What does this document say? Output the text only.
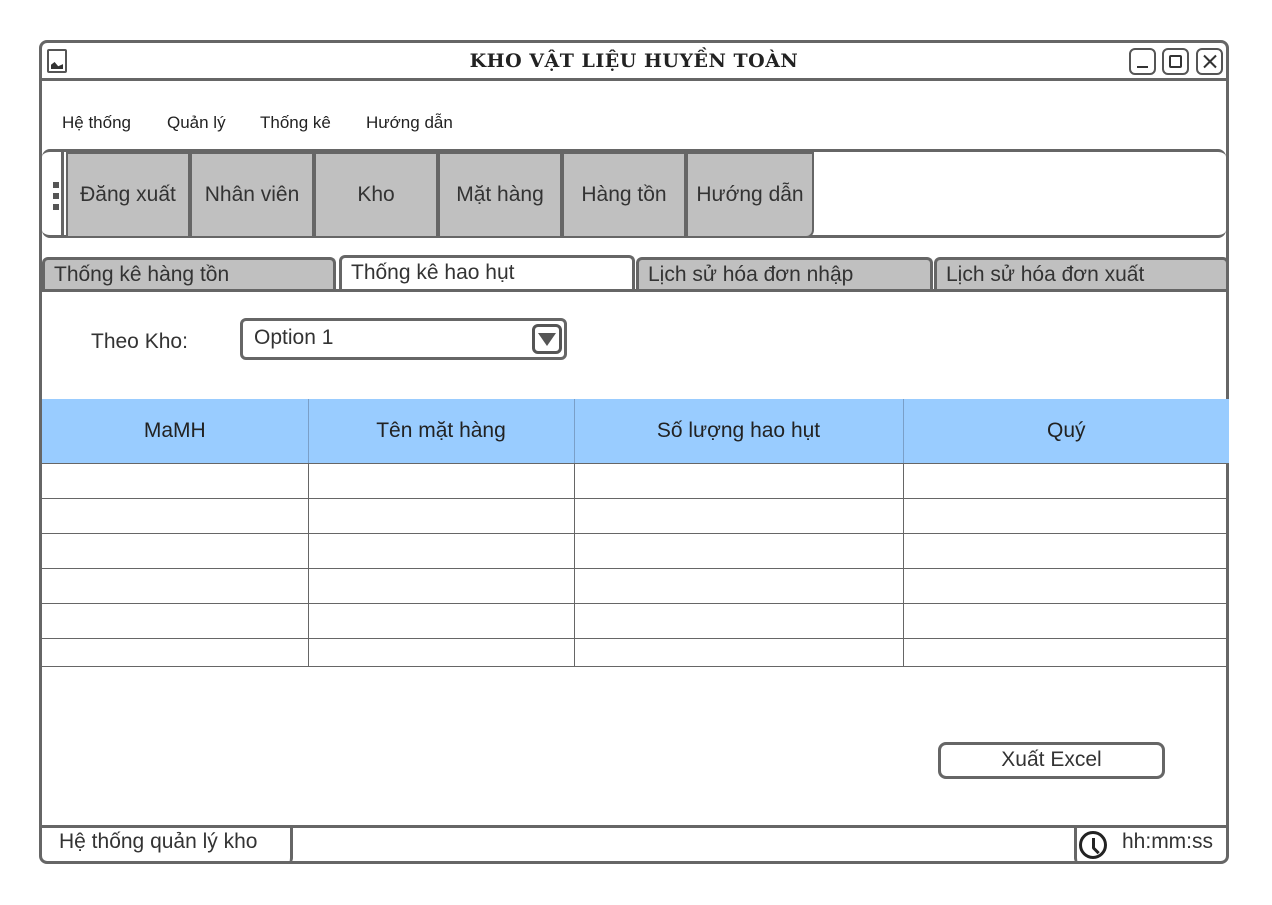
KHO VẬT LIỆU HUYỀN TOÀN
Hệ thống Quản lý Thống kê Hướng dẫn
Đăng xuất	Nhân viên	Kho	Mặt hàng	Hàng tồn	Hướng dẫn
Thống kê hàng tồn	Thống kê hao hụt	Lịch sử hóa đơn nhập	Lịch sử hóa đơn xuất
Theo Kho:	Option 1
MaMH	Tên mặt hàng	Số lượng hao hụt	Quý

Xuất Excel
Hệ thống quản lý kho	hh:mm:ss
